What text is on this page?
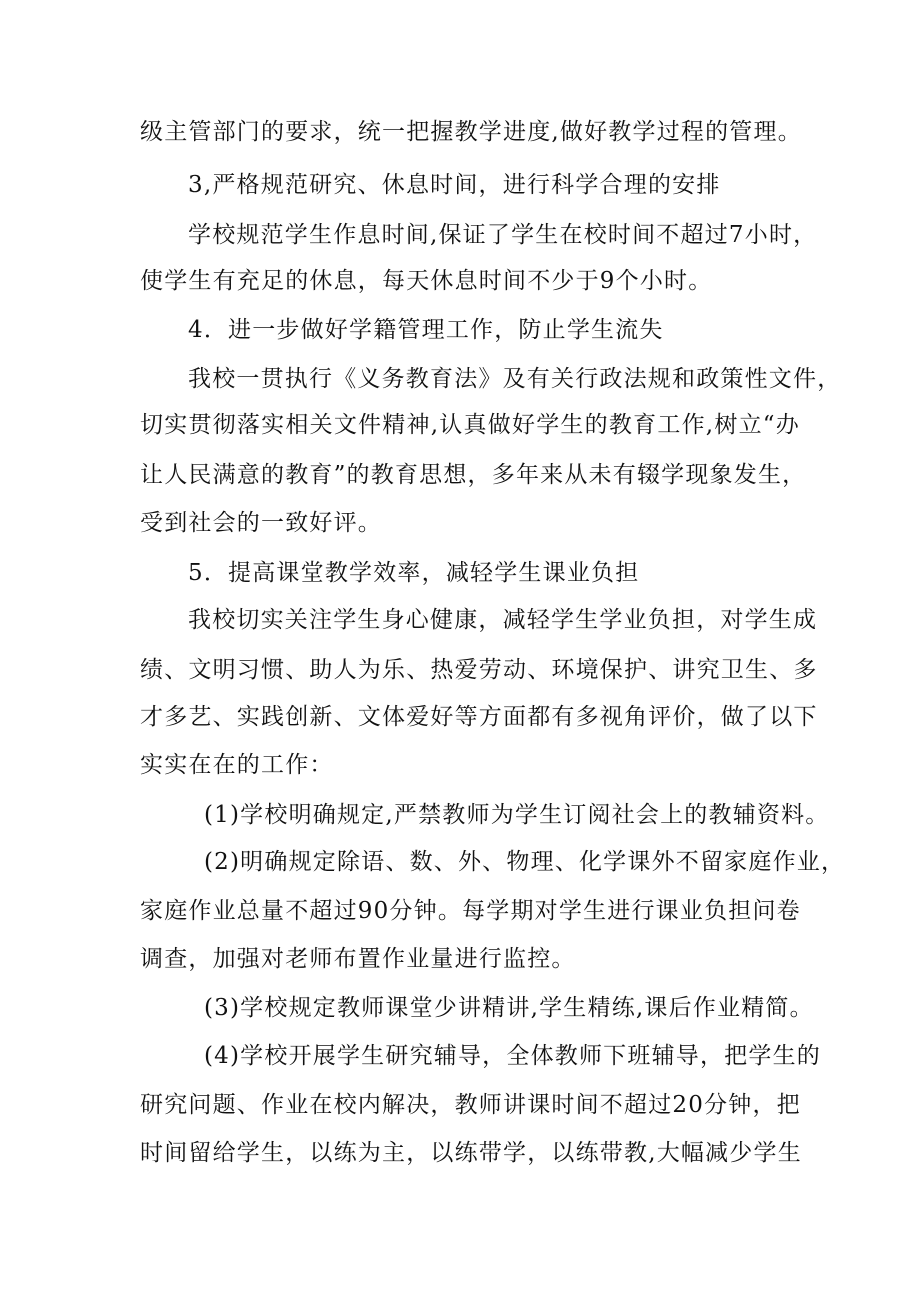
级主管部门的要求，统一把握教学进度,做好教学过程的管理。
3,严格规范研究、休息时间，进行科学合理的安排
学校规范学生作息时间,保证了学生在校时间不超过7小时，
使学生有充足的休息，每天休息时间不少于9个小时。
4．进一步做好学籍管理工作，防止学生流失
我校一贯执行《义务教育法》及有关行政法规和政策性文件，
切实贯彻落实相关文件精神,认真做好学生的教育工作,树立“办
让人民满意的教育”的教育思想，多年来从未有辍学现象发生，
受到社会的一致好评。
5．提高课堂教学效率，减轻学生课业负担
我校切实关注学生身心健康，减轻学生学业负担，对学生成
绩、文明习惯、助人为乐、热爱劳动、环境保护、讲究卫生、多
才多艺、实践创新、文体爱好等方面都有多视角评价，做了以下
实实在在的工作：
(1)学校明确规定,严禁教师为学生订阅社会上的教辅资料。
(2)明确规定除语、数、外、物理、化学课外不留家庭作业，
家庭作业总量不超过90分钟。每学期对学生进行课业负担问卷
调查，加强对老师布置作业量进行监控。
(3)学校规定教师课堂少讲精讲,学生精练,课后作业精简。
(4)学校开展学生研究辅导，全体教师下班辅导，把学生的
研究问题、作业在校内解决，教师讲课时间不超过20分钟，把
时间留给学生，以练为主，以练带学，以练带教,大幅减少学生
